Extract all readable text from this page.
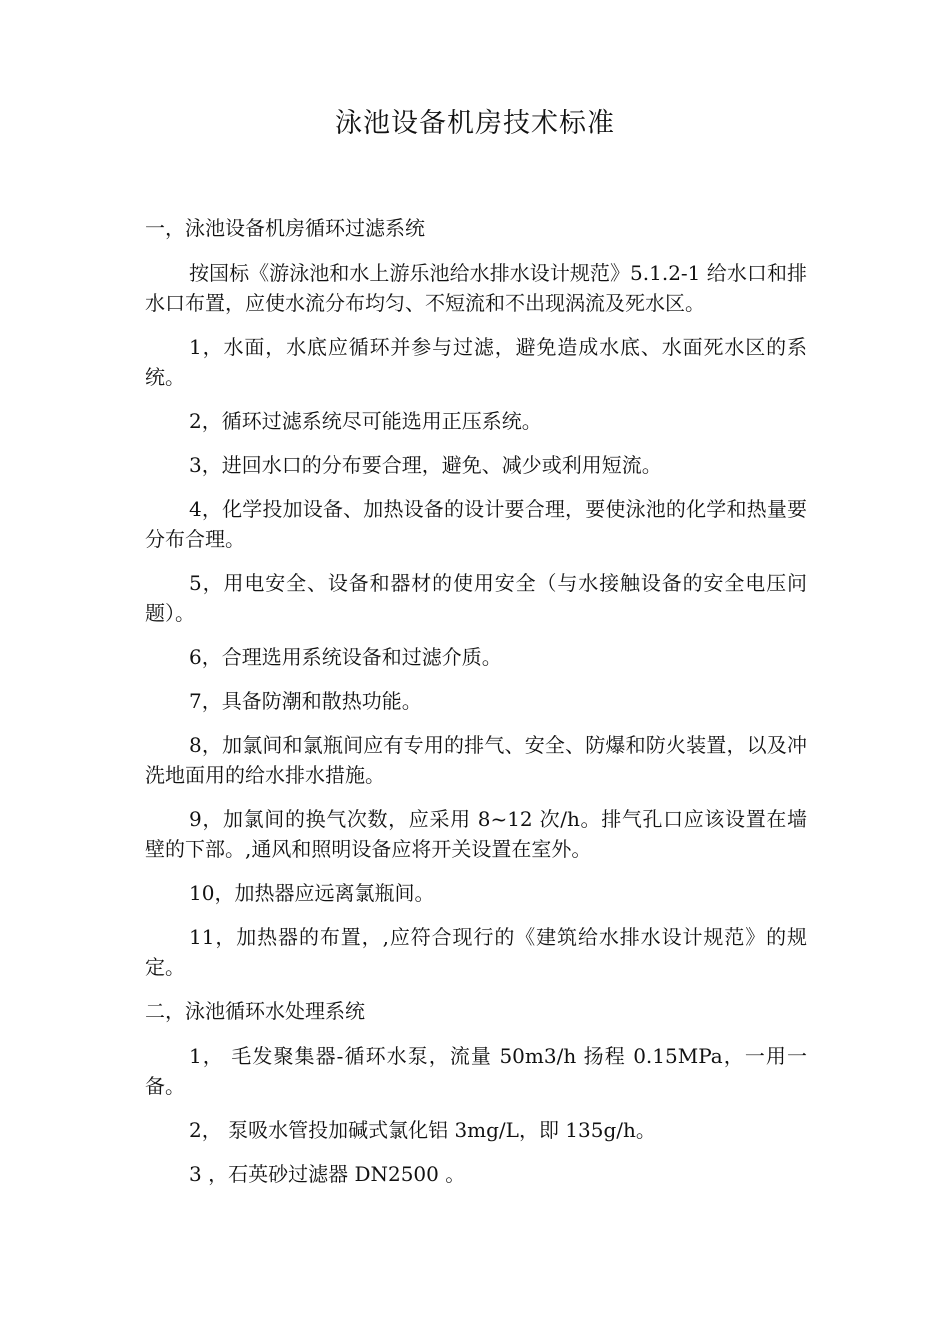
泳池设备机房技术标准

一，泳池设备机房循环过滤系统

按国标《游泳池和水上游乐池给水排水设计规范》5.1.2-1 给水口和排水口布置，应使水流分布均匀、不短流和不出现涡流及死水区。

1，水面，水底应循环并参与过滤，避免造成水底、水面死水区的系统。

2，循环过滤系统尽可能选用正压系统。

3，进回水口的分布要合理，避免、减少或利用短流。

4，化学投加设备、加热设备的设计要合理，要使泳池的化学和热量要分布合理。

5，用电安全、设备和器材的使用安全（与水接触设备的安全电压问题）。

6，合理选用系统设备和过滤介质。

7，具备防潮和散热功能。

8，加氯间和氯瓶间应有专用的排气、安全、防爆和防火装置，以及冲洗地面用的给水排水措施。

9，加氯间的换气次数，应采用 8~12 次/h。排气孔口应该设置在墙壁的下部。,通风和照明设备应将开关设置在室外。

10，加热器应远离氯瓶间。

11，加热器的布置，,应符合现行的《建筑给水排水设计规范》的规定。

二，泳池循环水处理系统

1， 毛发聚集器-循环水泵，流量 50m3/h 扬程 0.15MPa，一用一备。

2， 泵吸水管投加碱式氯化铝 3mg/L，即 135g/h。

3 ，石英砂过滤器 DN2500 。
